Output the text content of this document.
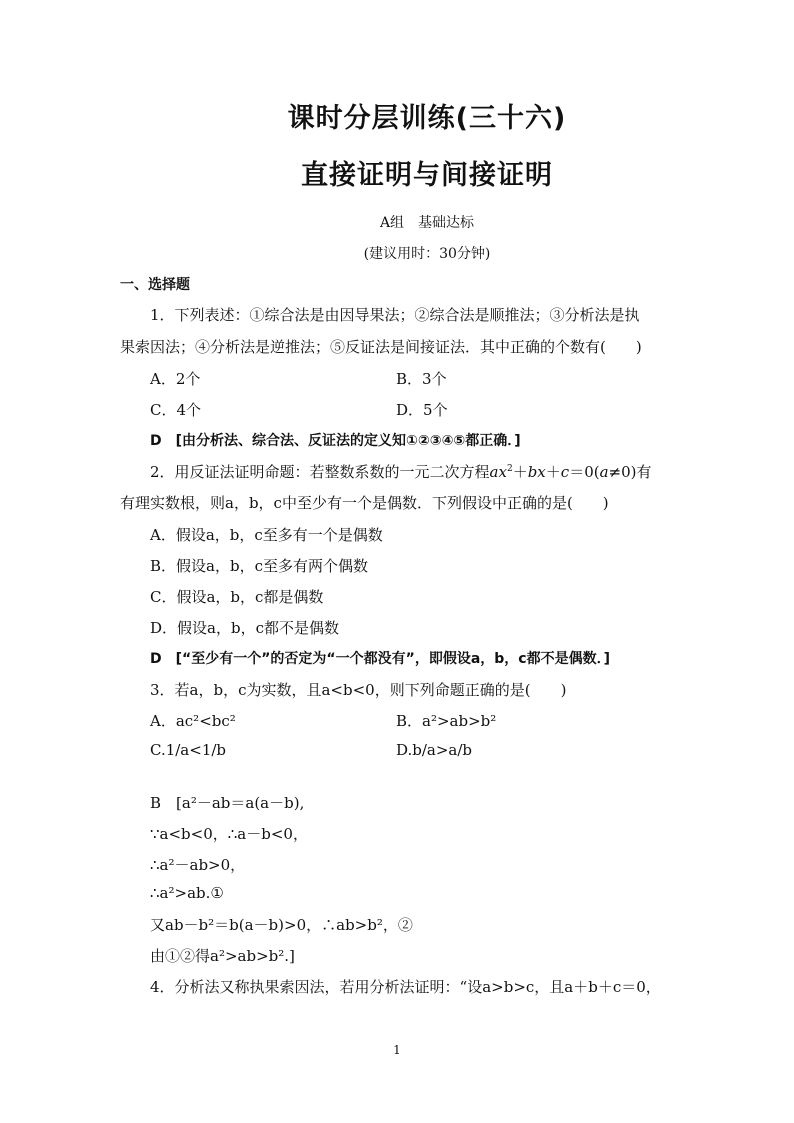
课时分层训练(三十六)
直接证明与间接证明
A组　基础达标
(建议用时：30分钟)
一、选择题
1．下列表述：①综合法是由因导果法；②综合法是顺推法；③分析法是执
果索因法；④分析法是逆推法；⑤反证法是间接证法．其中正确的个数有(　　)
A．2个	B．3个
C．4个	D．5个
D　[由分析法、综合法、反证法的定义知①②③④⑤都正确．]
2．用反证法证明命题：若整数系数的一元二次方程$ax^2+bx+c=0(a\ne 0)$有
有理实数根，则a，b，c中至少有一个是偶数．下列假设中正确的是(　　)
A．假设a，b，c至多有一个是偶数
B．假设a，b，c至多有两个偶数
C．假设a，b，c都是偶数
D．假设a，b，c都不是偶数
D　[“至少有一个”的否定为“一个都没有”，即假设a，b，c都不是偶数．]
3．若a，b，c为实数，且a<b<0，则下列命题正确的是(　　)
A．ac²<bc²	B．a²>ab>b²
C.1/a<1/b	D.b/a>a/b
B　[a²－ab＝a(a－b),
∵a<b<0，∴a－b<0，
∴a²－ab>0，
∴a²>ab.①
又ab－b²＝b(a－b)>0，∴ab>b²，②
由①②得a²>ab>b².]
4．分析法又称执果索因法，若用分析法证明：“设a>b>c，且a＋b＋c＝0，
1
